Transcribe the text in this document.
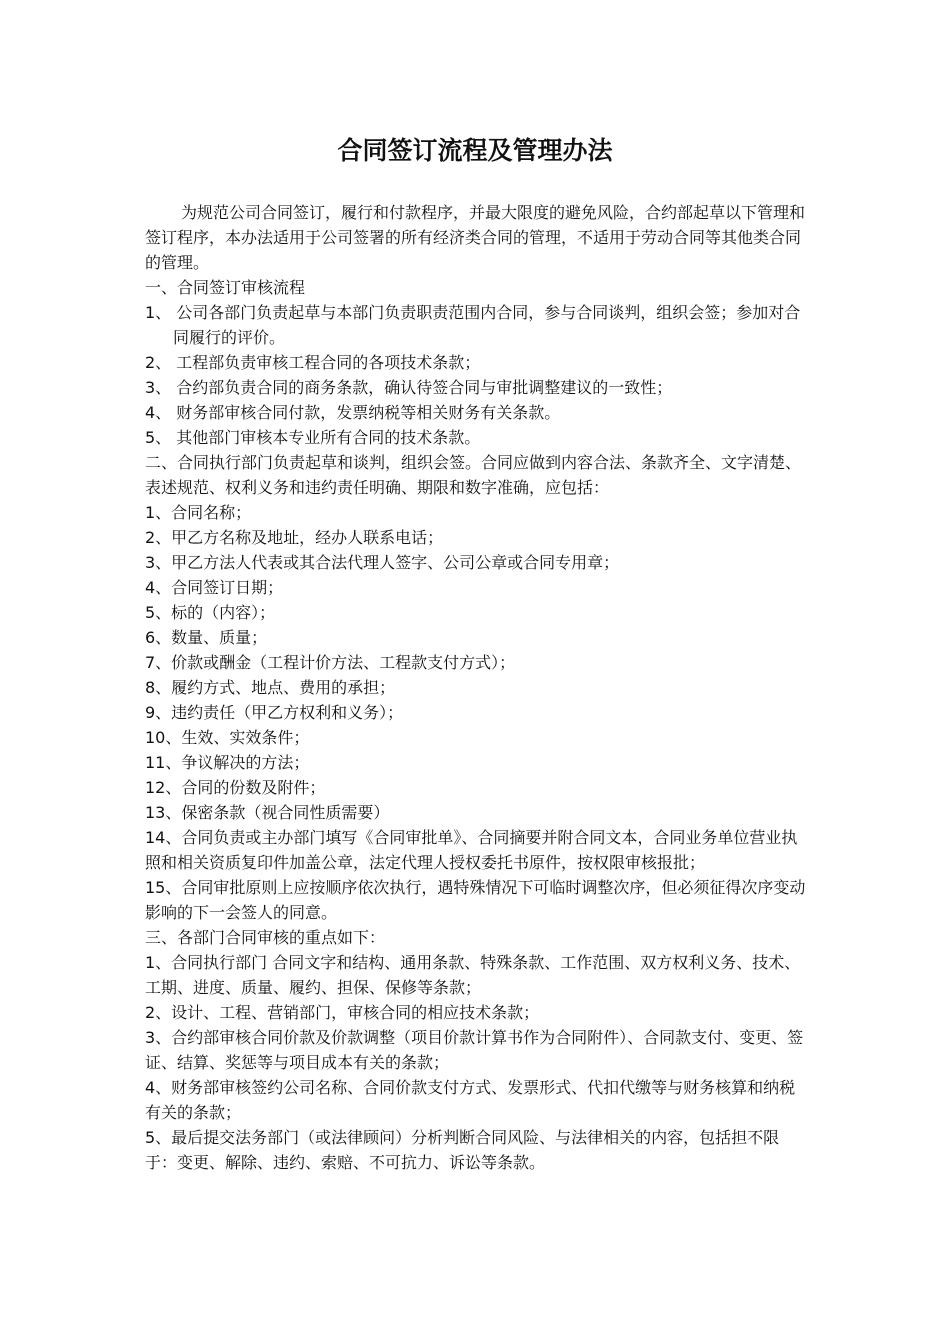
合同签订流程及管理办法

为规范公司合同签订，履行和付款程序，并最大限度的避免风险，合约部起草以下管理和签订程序，本办法适用于公司签署的所有经济类合同的管理，不适用于劳动合同等其他类合同的管理。

一、合同签订审核流程

1、 公司各部门负责起草与本部门负责职责范围内合同，参与合同谈判，组织会签；参加对合同履行的评价。

2、 工程部负责审核工程合同的各项技术条款；

3、 合约部负责合同的商务条款，确认待签合同与审批调整建议的一致性；

4、 财务部审核合同付款，发票纳税等相关财务有关条款。

5、 其他部门审核本专业所有合同的技术条款。

二、合同执行部门负责起草和谈判，组织会签。合同应做到内容合法、条款齐全、文字清楚、表述规范、权利义务和违约责任明确、期限和数字准确，应包括：

1、合同名称；

2、甲乙方名称及地址，经办人联系电话；

3、甲乙方法人代表或其合法代理人签字、公司公章或合同专用章；

4、合同签订日期；

5、标的（内容）；

6、数量、质量；

7、价款或酬金（工程计价方法、工程款支付方式）；

8、履约方式、地点、费用的承担；

9、违约责任（甲乙方权利和义务）；

10、生效、实效条件；

11、争议解决的方法；

12、合同的份数及附件；

13、保密条款（视合同性质需要）

14、合同负责或主办部门填写《合同审批单》、合同摘要并附合同文本，合同业务单位营业执照和相关资质复印件加盖公章，法定代理人授权委托书原件，按权限审核报批；

15、合同审批原则上应按顺序依次执行，遇特殊情况下可临时调整次序，但必须征得次序变动影响的下一会签人的同意。

三、各部门合同审核的重点如下：

1、合同执行部门 合同文字和结构、通用条款、特殊条款、工作范围、双方权利义务、技术、工期、进度、质量、履约、担保、保修等条款；

2、设计、工程、营销部门，审核合同的相应技术条款；

3、合约部审核合同价款及价款调整（项目价款计算书作为合同附件）、合同款支付、变更、签证、结算、奖惩等与项目成本有关的条款；

4、财务部审核签约公司名称、合同价款支付方式、发票形式、代扣代缴等与财务核算和纳税有关的条款；

5、最后提交法务部门（或法律顾问）分析判断合同风险、与法律相关的内容，包括担不限于：变更、解除、违约、索赔、不可抗力、诉讼等条款。
